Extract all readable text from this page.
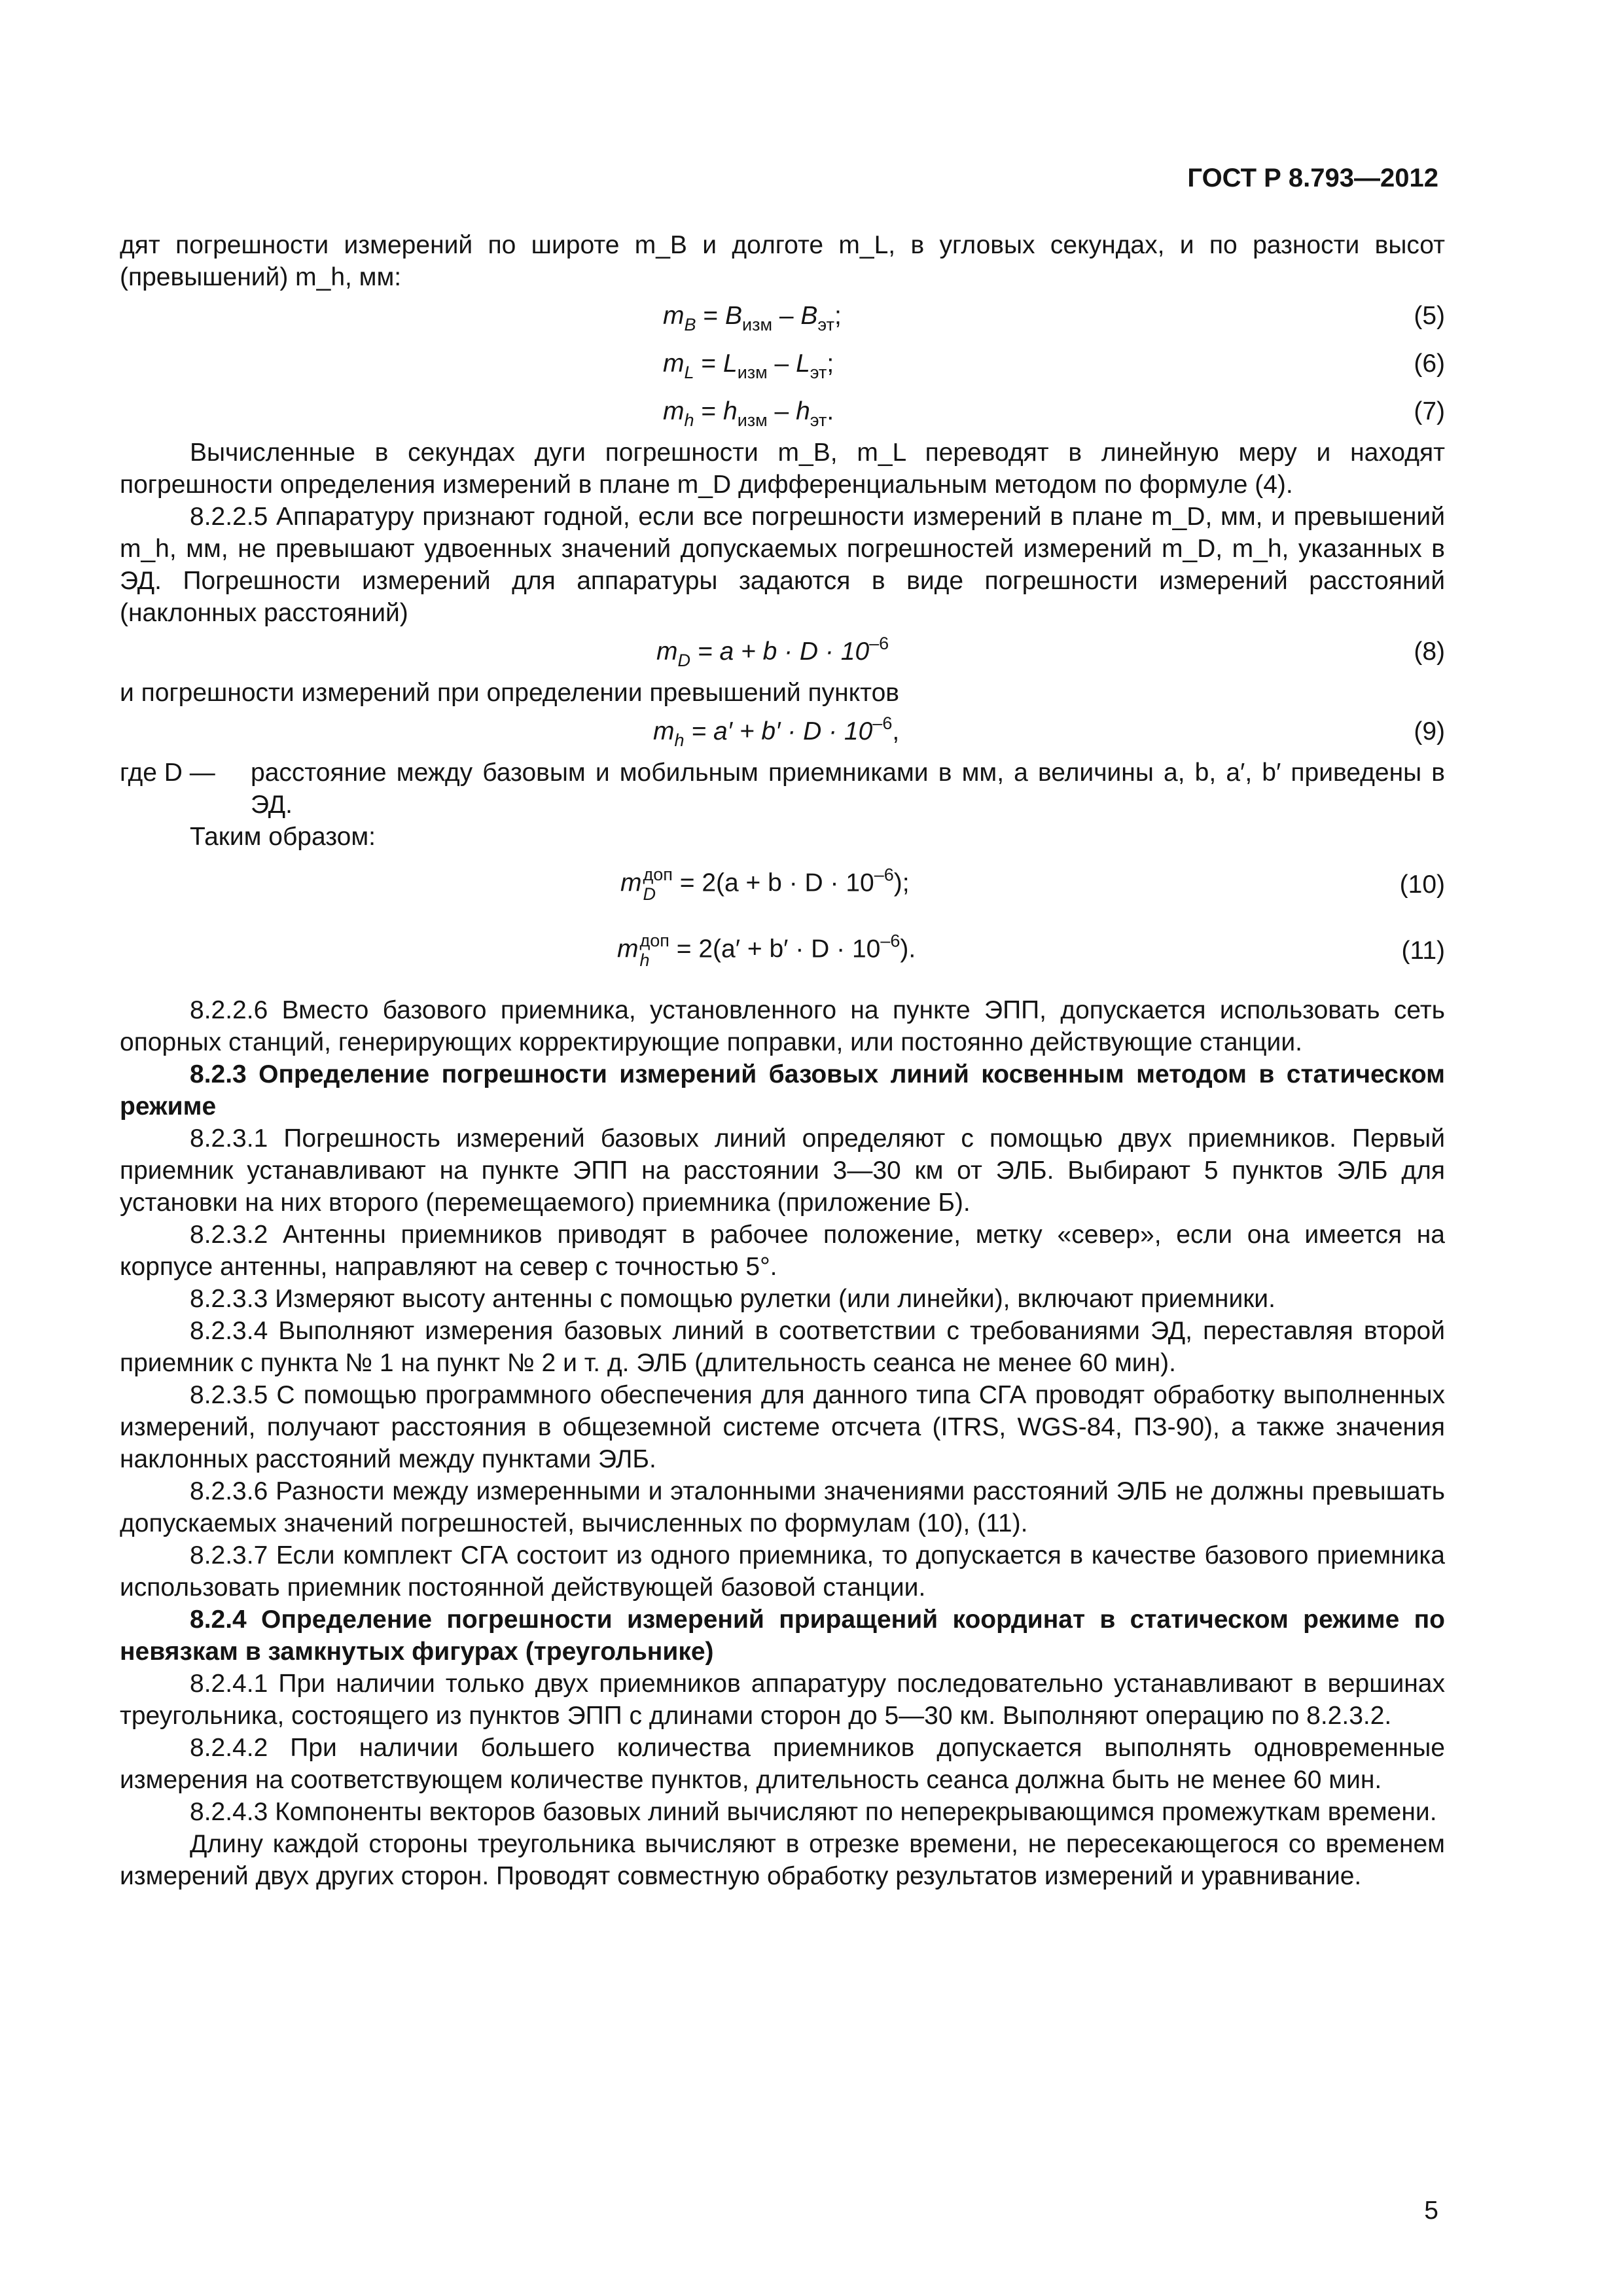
ГОСТ Р 8.793—2012

дят погрешности измерений по широте m_B и долготе m_L, в угловых секундах, и по разности высот (превышений) m_h, мм:

$m_B = B_{изм} - B_{эт}$;	(5)
$m_L = L_{изм} - L_{эт}$;	(6)
$m_h = h_{изм} - h_{эт}$.	(7)

Вычисленные в секундах дуги погрешности m_B, m_L переводят в линейную меру и находят погрешности определения измерений в плане m_D дифференциальным методом по формуле (4).

8.2.2.5 Аппаратуру признают годной, если все погрешности измерений в плане m_D, мм, и превышений m_h, мм, не превышают удвоенных значений допускаемых погрешностей измерений m_D, m_h, указанных в ЭД. Погрешности измерений для аппаратуры задаются в виде погрешности измерений расстояний (наклонных расстояний)

$m_D = a + b \cdot D \cdot 10^{-6}$	(8)

и погрешности измерений при определении превышений пунктов

$m_h = a' + b' \cdot D \cdot 10^{-6}$,	(9)
где D —	расстояние между базовым и мобильным приемниками в мм, а величины a, b, a′, b′ приведены в ЭД.

Таким образом:

m доп
$D = 2(a + b \cdot D \cdot 10^{-6})$;	(10)
m доп
$h = 2(a' + b' \cdot D \cdot 10^{-6})$.	(11)

8.2.2.6 Вместо базового приемника, установленного на пункте ЭПП, допускается использовать сеть опорных станций, генерирующих корректирующие поправки, или постоянно действующие станции.

8.2.3 Определение погрешности измерений базовых линий косвенным методом в статическом режиме

8.2.3.1 Погрешность измерений базовых линий определяют с помощью двух приемников. Первый приемник устанавливают на пункте ЭПП на расстоянии 3—30 км от ЭЛБ. Выбирают 5 пунктов ЭЛБ для установки на них второго (перемещаемого) приемника (приложение Б).

8.2.3.2 Антенны приемников приводят в рабочее положение, метку «север», если она имеется на корпусе антенны, направляют на север с точностью 5°.

8.2.3.3 Измеряют высоту антенны с помощью рулетки (или линейки), включают приемники.

8.2.3.4 Выполняют измерения базовых линий в соответствии с требованиями ЭД, переставляя второй приемник с пункта № 1 на пункт № 2 и т. д. ЭЛБ (длительность сеанса не менее 60 мин).

8.2.3.5 С помощью программного обеспечения для данного типа СГА проводят обработку выполненных измерений, получают расстояния в общеземной системе отсчета (ITRS, WGS-84, ПЗ-90), а также значения наклонных расстояний между пунктами ЭЛБ.

8.2.3.6 Разности между измеренными и эталонными значениями расстояний ЭЛБ не должны превышать допускаемых значений погрешностей, вычисленных по формулам (10), (11).

8.2.3.7 Если комплект СГА состоит из одного приемника, то допускается в качестве базового приемника использовать приемник постоянной действующей базовой станции.

8.2.4 Определение погрешности измерений приращений координат в статическом режиме по невязкам в замкнутых фигурах (треугольнике)

8.2.4.1 При наличии только двух приемников аппаратуру последовательно устанавливают в вершинах треугольника, состоящего из пунктов ЭПП с длинами сторон до 5—30 км. Выполняют операцию по 8.2.3.2.

8.2.4.2 При наличии большего количества приемников допускается выполнять одновременные измерения на соответствующем количестве пунктов, длительность сеанса должна быть не менее 60 мин.

8.2.4.3 Компоненты векторов базовых линий вычисляют по неперекрывающимся промежуткам времени.

Длину каждой стороны треугольника вычисляют в отрезке времени, не пересекающегося со временем измерений двух других сторон. Проводят совместную обработку результатов измерений и уравнивание.

5
